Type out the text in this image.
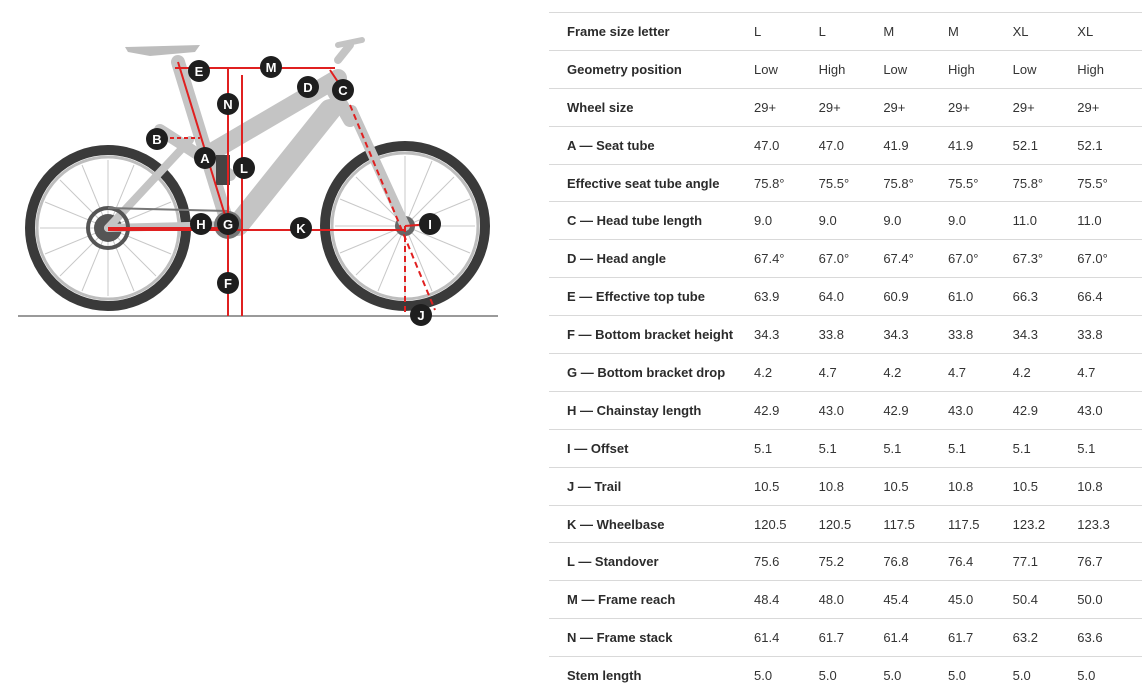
E	M
N
D C
B
A
L
H G	K	I
F
J
Frame size letter	L	L	M	M	XL	XL
Geometry position	Low	High	Low	High	Low	High
Wheel size	29+	29+	29+	29+	29+	29+
A — Seat tube	47.0	47.0	41.9	41.9	52.1	52.1
Effective seat tube angle	75.8°	75.5°	75.8°	75.5°	75.8°	75.5°
C — Head tube length	9.0	9.0	9.0	9.0	11.0	11.0
D — Head angle	67.4°	67.0°	67.4°	67.0°	67.3°	67.0°
E — Effective top tube	63.9	64.0	60.9	61.0	66.3	66.4
F — Bottom bracket height	34.3	33.8	34.3	33.8	34.3	33.8
G — Bottom bracket drop	4.2	4.7	4.2	4.7	4.2	4.7
H — Chainstay length	42.9	43.0	42.9	43.0	42.9	43.0
I — Offset	5.1	5.1	5.1	5.1	5.1	5.1
J — Trail	10.5	10.8	10.5	10.8	10.5	10.8
K — Wheelbase	120.5	120.5	117.5	117.5	123.2	123.3
L — Standover	75.6	75.2	76.8	76.4	77.1	76.7
M — Frame reach	48.4	48.0	45.4	45.0	50.4	50.0
N — Frame stack	61.4	61.7	61.4	61.7	63.2	63.6
Stem length	5.0	5.0	5.0	5.0	5.0	5.0
